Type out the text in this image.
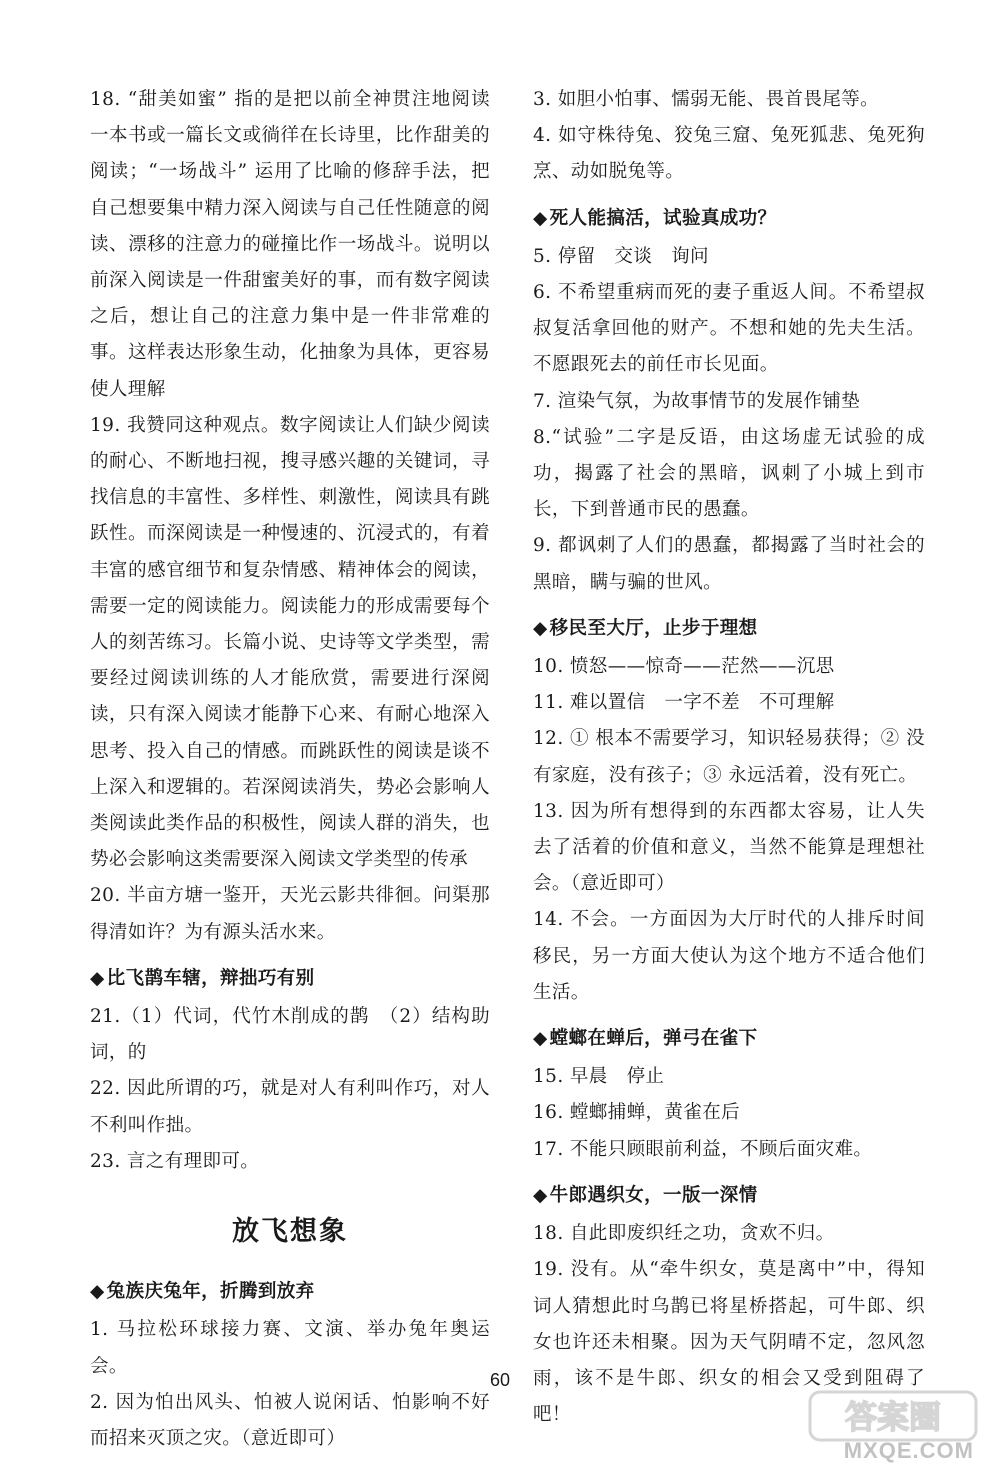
18. “甜美如蜜” 指的是把以前全神贯注地阅读一本书或一篇长文或徜徉在长诗里，比作甜美的阅读；“一场战斗” 运用了比喻的修辞手法，把自己想要集中精力深入阅读与自己任性随意的阅读、漂移的注意力的碰撞比作一场战斗。说明以前深入阅读是一件甜蜜美好的事，而有数字阅读之后，想让自己的注意力集中是一件非常难的事。这样表达形象生动，化抽象为具体，更容易使人理解

19. 我赞同这种观点。数字阅读让人们缺少阅读的耐心、不断地扫视，搜寻感兴趣的关键词，寻找信息的丰富性、多样性、刺激性，阅读具有跳跃性。而深阅读是一种慢速的、沉浸式的，有着丰富的感官细节和复杂情感、精神体会的阅读，需要一定的阅读能力。阅读能力的形成需要每个人的刻苦练习。长篇小说、史诗等文学类型，需要经过阅读训练的人才能欣赏，需要进行深阅读，只有深入阅读才能静下心来、有耐心地深入思考、投入自己的情感。而跳跃性的阅读是谈不上深入和逻辑的。若深阅读消失，势必会影响人类阅读此类作品的积极性，阅读人群的消失，也势必会影响这类需要深入阅读文学类型的传承

20. 半亩方塘一鉴开，天光云影共徘徊。问渠那得清如许？为有源头活水来。

◆ 比飞鹊车辖，辩拙巧有别

21.（1）代词，代竹木削成的鹊　（2）结构助词，的

22. 因此所谓的巧，就是对人有利叫作巧，对人不利叫作拙。

23. 言之有理即可。

放飞想象
◆ 兔族庆兔年，折腾到放弃

1. 马拉松环球接力赛、文演、举办兔年奥运会。

2. 因为怕出风头、怕被人说闲话、怕影响不好而招来灭顶之灾。（意近即可）

3. 如胆小怕事、懦弱无能、畏首畏尾等。

4. 如守株待兔、狡兔三窟、兔死狐悲、兔死狗烹、动如脱兔等。

◆ 死人能搞活，试验真成功？

5. 停留　交谈　询问

6. 不希望重病而死的妻子重返人间。不希望叔叔复活拿回他的财产。不想和她的先夫生活。不愿跟死去的前任市长见面。

7. 渲染气氛，为故事情节的发展作铺垫

8.“试验”二字是反语，由这场虚无试验的成功，揭露了社会的黑暗，讽刺了小城上到市长，下到普通市民的愚蠢。

9. 都讽刺了人们的愚蠢，都揭露了当时社会的黑暗，瞒与骗的世风。

◆ 移民至大厅，止步于理想

10. 愤怒——惊奇——茫然——沉思

11. 难以置信　一字不差　不可理解

12. ① 根本不需要学习，知识轻易获得；② 没有家庭，没有孩子；③ 永远活着，没有死亡。

13. 因为所有想得到的东西都太容易，让人失去了活着的价值和意义，当然不能算是理想社会。（意近即可）

14. 不会。一方面因为大厅时代的人排斥时间移民，另一方面大使认为这个地方不适合他们生活。

◆ 螳螂在蝉后，弹弓在雀下

15. 早晨　停止

16. 螳螂捕蝉，黄雀在后

17. 不能只顾眼前利益，不顾后面灾难。

◆ 牛郎遇织女，一版一深情

18. 自此即废织纴之功，贪欢不归。

19. 没有。从“牵牛织女，莫是离中”中，得知词人猜想此时乌鹊已将星桥搭起，可牛郎、织女也许还未相聚。因为天气阴晴不定，忽风忽雨，该不是牛郎、织女的相会又受到阻碍了吧！

60
答案圈
MXQE.COM
